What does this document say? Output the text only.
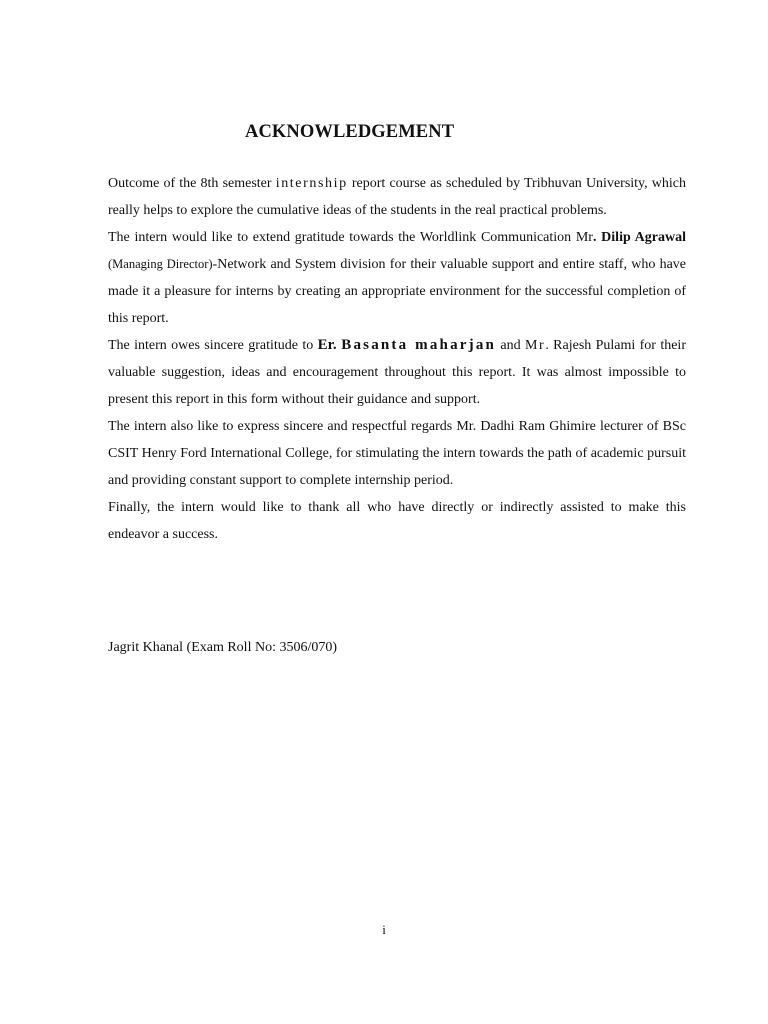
ACKNOWLEDGEMENT

Outcome of the 8th semester internship report course as scheduled by Tribhuvan University, which really helps to explore the cumulative ideas of the students in the real practical problems.

The intern would like to extend gratitude towards the Worldlink Communication Mr. Dilip Agrawal (Managing Director)-Network and System division for their valuable support and entire staff, who have made it a pleasure for interns by creating an appropriate environment for the successful completion of this report.

The intern owes sincere gratitude to Er. Basanta maharjan and Mr. Rajesh Pulami for their valuable suggestion, ideas and encouragement throughout this report. It was almost impossible to present this report in this form without their guidance and support.

The intern also like to express sincere and respectful regards Mr. Dadhi Ram Ghimire lecturer of BSc CSIT Henry Ford International College, for stimulating the intern towards the path of academic pursuit and providing constant support to complete internship period.

Finally, the intern would like to thank all who have directly or indirectly assisted to make this endeavor a success.

Jagrit Khanal (Exam Roll No: 3506/070)

i
